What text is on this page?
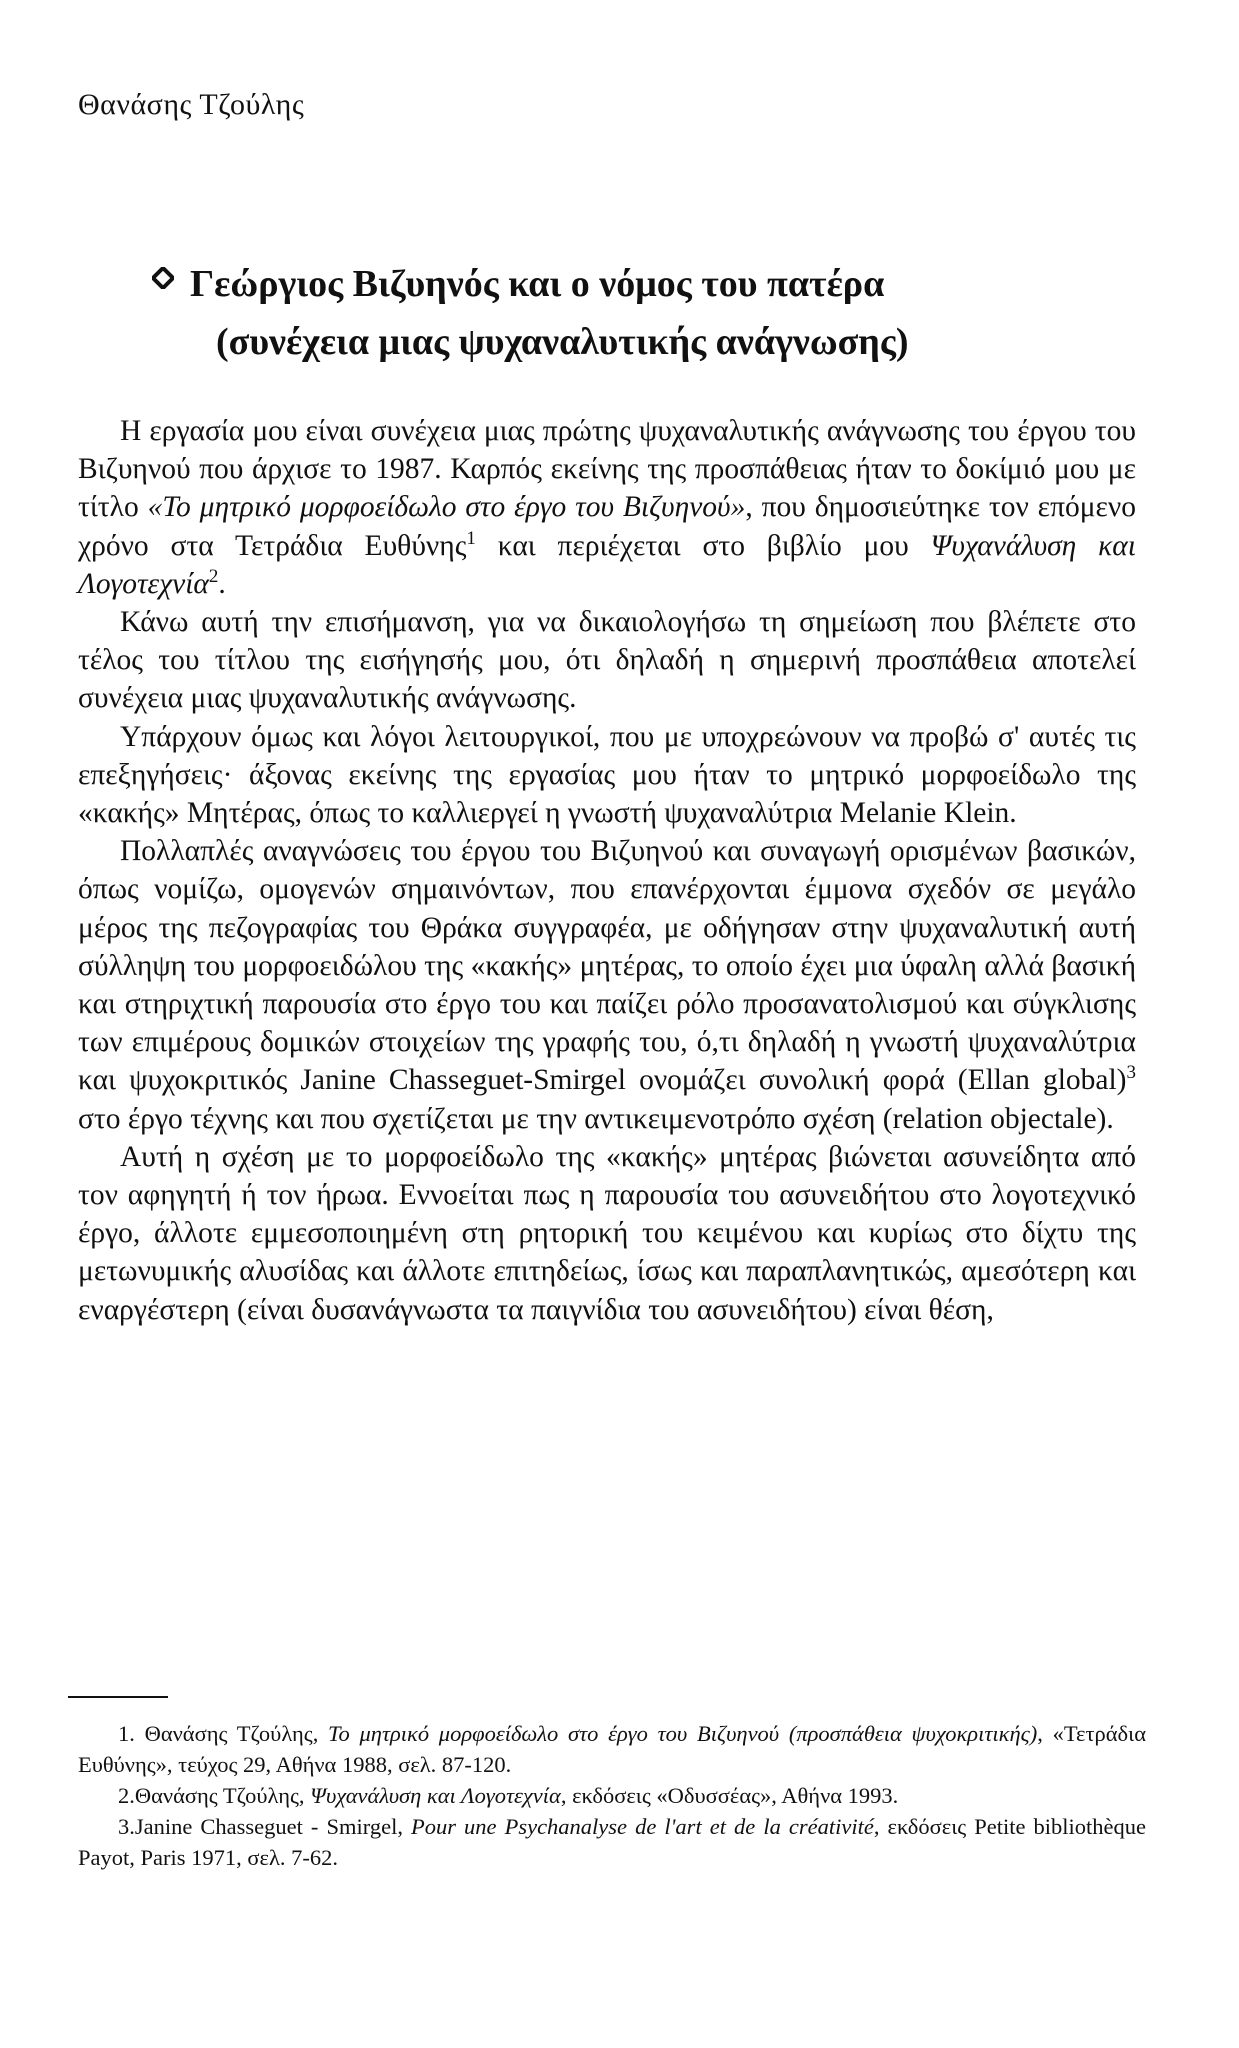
Θανάσης Τζούλης
Γεώργιος Βιζυηνός και ο νόμος του πατέρα
(συνέχεια μιας ψυχαναλυτικής ανάγνωσης)

Η εργασία μου είναι συνέχεια μιας πρώτης ψυχαναλυτικής ανάγνωσης του έργου του Βιζυηνού που άρχισε το 1987. Καρπός εκείνης της προσπάθειας ήταν το δοκίμιό μου με τίτλο «Το μητρικό μορφοείδωλο στο έργο του Βιζυηνού», που δημοσιεύτηκε τον επόμενο χρόνο στα Τετράδια Ευθύνης$^1$ και περιέχεται στο βιβλίο μου Ψυχανάλυση και Λογοτεχνία$^2$.

Κάνω αυτή την επισήμανση, για να δικαιολογήσω τη σημείωση που βλέπετε στο τέλος του τίτλου της εισήγησής μου, ότι δηλαδή η σημερινή προσπάθεια αποτελεί συνέχεια μιας ψυχαναλυτικής ανάγνωσης.

Υπάρχουν όμως και λόγοι λειτουργικοί, που με υποχρεώνουν να προβώ σ' αυτές τις επεξηγήσεις· άξονας εκείνης της εργασίας μου ήταν το μητρικό μορφοείδωλο της «κακής» Μητέρας, όπως το καλλιεργεί η γνωστή ψυχαναλύτρια Melanie Klein.

Πολλαπλές αναγνώσεις του έργου του Βιζυηνού και συναγωγή ορισμένων βασικών, όπως νομίζω, ομογενών σημαινόντων, που επανέρχονται έμμονα σχεδόν σε μεγάλο μέρος της πεζογραφίας του Θράκα συγγραφέα, με οδήγησαν στην ψυχαναλυτική αυτή σύλληψη του μορφοειδώλου της «κακής» μητέρας, το οποίο έχει μια ύφαλη αλλά βασική και στηριχτική παρουσία στο έργο του και παίζει ρόλο προσανατολισμού και σύγκλισης των επιμέρους δομικών στοιχείων της γραφής του, ό,τι δηλαδή η γνωστή ψυχαναλύτρια και ψυχοκριτικός Janine Chasseguet-Smirgel ονομάζει συνολική φορά (Ellan global)$^3$ στο έργο τέχνης και που σχετίζεται με την αντικειμενοτρόπο σχέση (relation objectale).

Αυτή η σχέση με το μορφοείδωλο της «κακής» μητέρας βιώνεται ασυνείδητα από τον αφηγητή ή τον ήρωα. Εννοείται πως η παρουσία του ασυνειδήτου στο λογοτεχνικό έργο, άλλοτε εμμεσοποιημένη στη ρητορική του κειμένου και κυρίως στο δίχτυ της μετωνυμικής αλυσίδας και άλλοτε επιτηδείως, ίσως και παραπλανητικώς, αμεσότερη και εναργέστερη (είναι δυσανάγνωστα τα παιγνίδια του ασυνειδήτου) είναι θέση,

1. Θανάσης Τζούλης, Το μητρικό μορφοείδωλο στο έργο του Βιζυηνού (προσπάθεια ψυχοκριτικής), «Τετράδια Ευθύνης», τεύχος 29, Αθήνα 1988, σελ. 87-120.

2.Θανάσης Τζούλης, Ψυχανάλυση και Λογοτεχνία, εκδόσεις «Οδυσσέας», Αθήνα 1993.

3.Janine Chasseguet - Smirgel, Pour une Psychanalyse de l'art et de la créativité, εκδόσεις Petite bibliothèque Payot, Paris 1971, σελ. 7-62.
